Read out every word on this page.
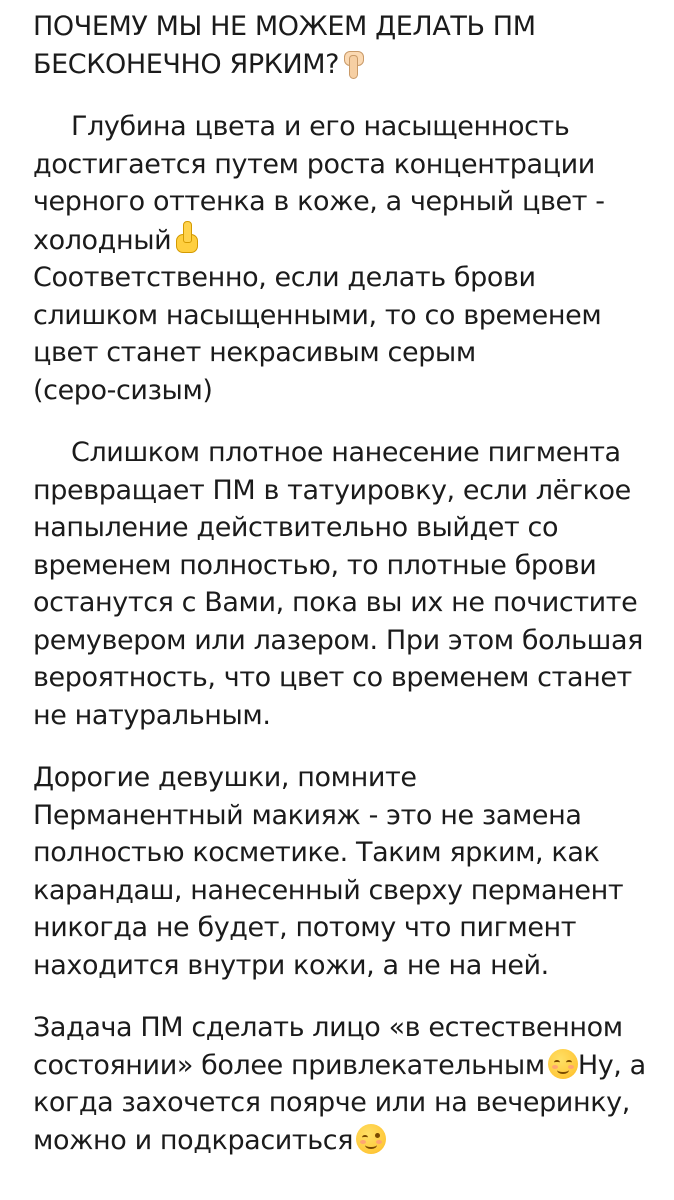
ПОЧЕМУ МЫ НЕ МОЖЕМ ДЕЛАТЬ ПМ
БЕСКОНЕЧНО ЯРКИМ?
Глубина цвета и его насыщенность
достигается путем роста концентрации
черного оттенка в коже, а черный цвет -
холодный
Соответственно, если делать брови
слишком насыщенными, то со временем
цвет станет некрасивым серым
(серо-сизым)
Слишком плотное нанесение пигмента
превращает ПМ в татуировку, если лёгкое
напыление действительно выйдет со
временем полностью, то плотные брови
останутся с Вами, пока вы их не почистите
ремувером или лазером. При этом большая
вероятность, что цвет со временем станет
не натуральным.
Дорогие девушки, помните
Перманентный макияж - это не замена
полностью косметике. Таким ярким, как
карандаш, нанесенный сверху перманент
никогда не будет, потому что пигмент
находится внутри кожи, а не на ней.
Задача ПМ сделать лицо «в естественном
состоянии» более привлекательным Ну, а
когда захочется поярче или на вечеринку,
можно и подкраситься
